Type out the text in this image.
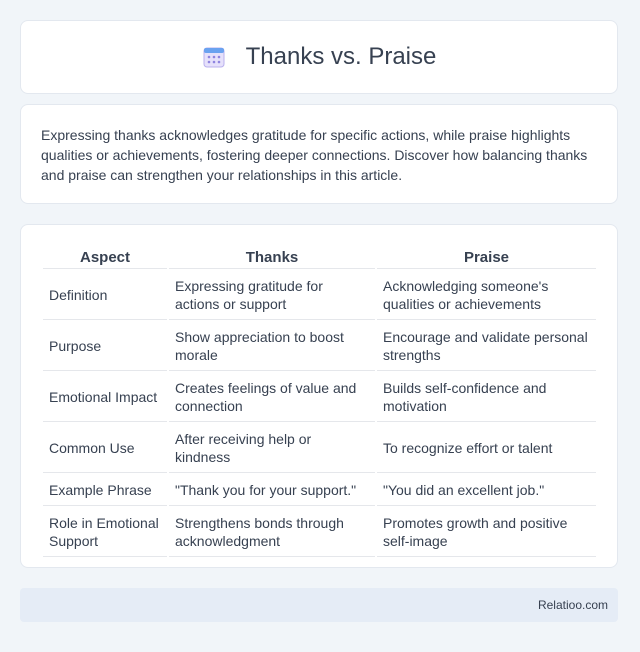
Thanks vs. Praise

Expressing thanks acknowledges gratitude for specific actions, while praise highlights qualities or achievements, fostering deeper connections. Discover how balancing thanks and praise can strengthen your relationships in this article.

Aspect	Thanks	Praise
Definition	Expressing gratitude for actions or support	Acknowledging someone's qualities or achievements
Purpose	Show appreciation to boost morale	Encourage and validate personal strengths
Emotional Impact	Creates feelings of value and connection	Builds self-confidence and motivation
Common Use	After receiving help or kindness	To recognize effort or talent
Example Phrase	"Thank you for your support."	"You did an excellent job."
Role in Emotional Support	Strengthens bonds through acknowledgment	Promotes growth and positive self-image
Relatioo.com
